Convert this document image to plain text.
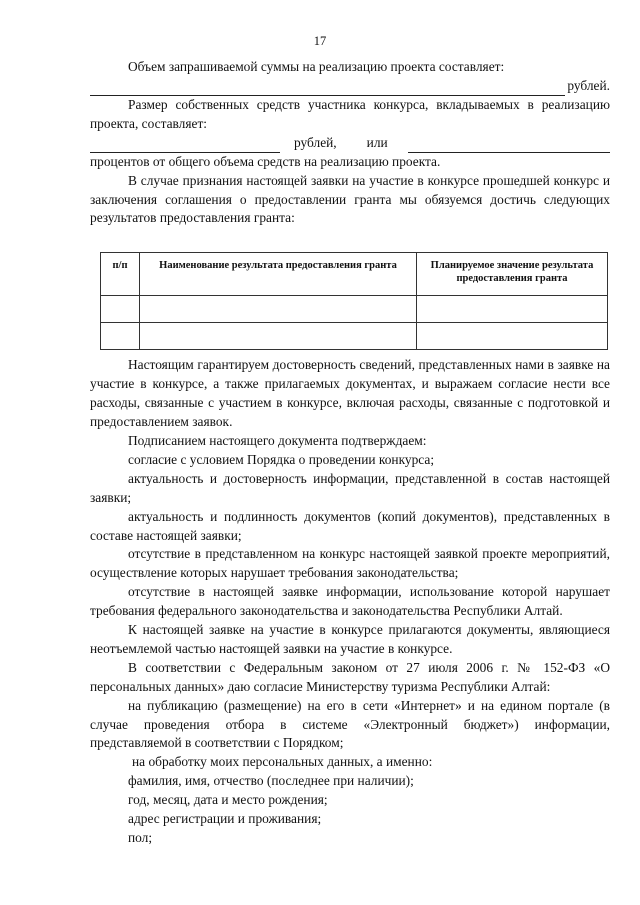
17

Объем запрашиваемой суммы на реализацию проекта составляет:

рублей.

Размер собственных средств участника конкурса, вкладываемых в реализацию проекта, составляет:

рублей, или

процентов от общего объема средств на реализацию проекта.

В случае признания настоящей заявки на участие в конкурсе прошедшей конкурс и заключения соглашения о предоставлении гранта мы обязуемся достичь следующих результатов предоставления гранта:

п/п	Наименование результата предоставления гранта	Планируемое значение результата предоставления гранта

Настоящим гарантируем достоверность сведений, представленных нами в заявке на участие в конкурсе, а также прилагаемых документах, и выражаем согласие нести все расходы, связанные с участием в конкурсе, включая расходы, связанные с подготовкой и предоставлением заявок.

Подписанием настоящего документа подтверждаем:

согласие с условием Порядка о проведении конкурса;

актуальность и достоверность информации, представленной в состав настоящей заявки;

актуальность и подлинность документов (копий документов), представленных в составе настоящей заявки;

отсутствие в представленном на конкурс настоящей заявкой проекте мероприятий, осуществление которых нарушает требования законодательства;

отсутствие в настоящей заявке информации, использование которой нарушает требования федерального законодательства и законодательства Республики Алтай.

К настоящей заявке на участие в конкурсе прилагаются документы, являющиеся неотъемлемой частью настоящей заявки на участие в конкурсе.

В соответствии с Федеральным законом от 27 июля 2006 г. № 152-ФЗ «О персональных данных» даю согласие Министерству туризма Республики Алтай:

на публикацию (размещение) на его в сети «Интернет» и на едином портале (в случае проведения отбора в системе «Электронный бюджет») информации, представляемой в соответствии с Порядком;

на обработку моих персональных данных, а именно:

фамилия, имя, отчество (последнее при наличии);

год, месяц, дата и место рождения;

адрес регистрации и проживания;

пол;
